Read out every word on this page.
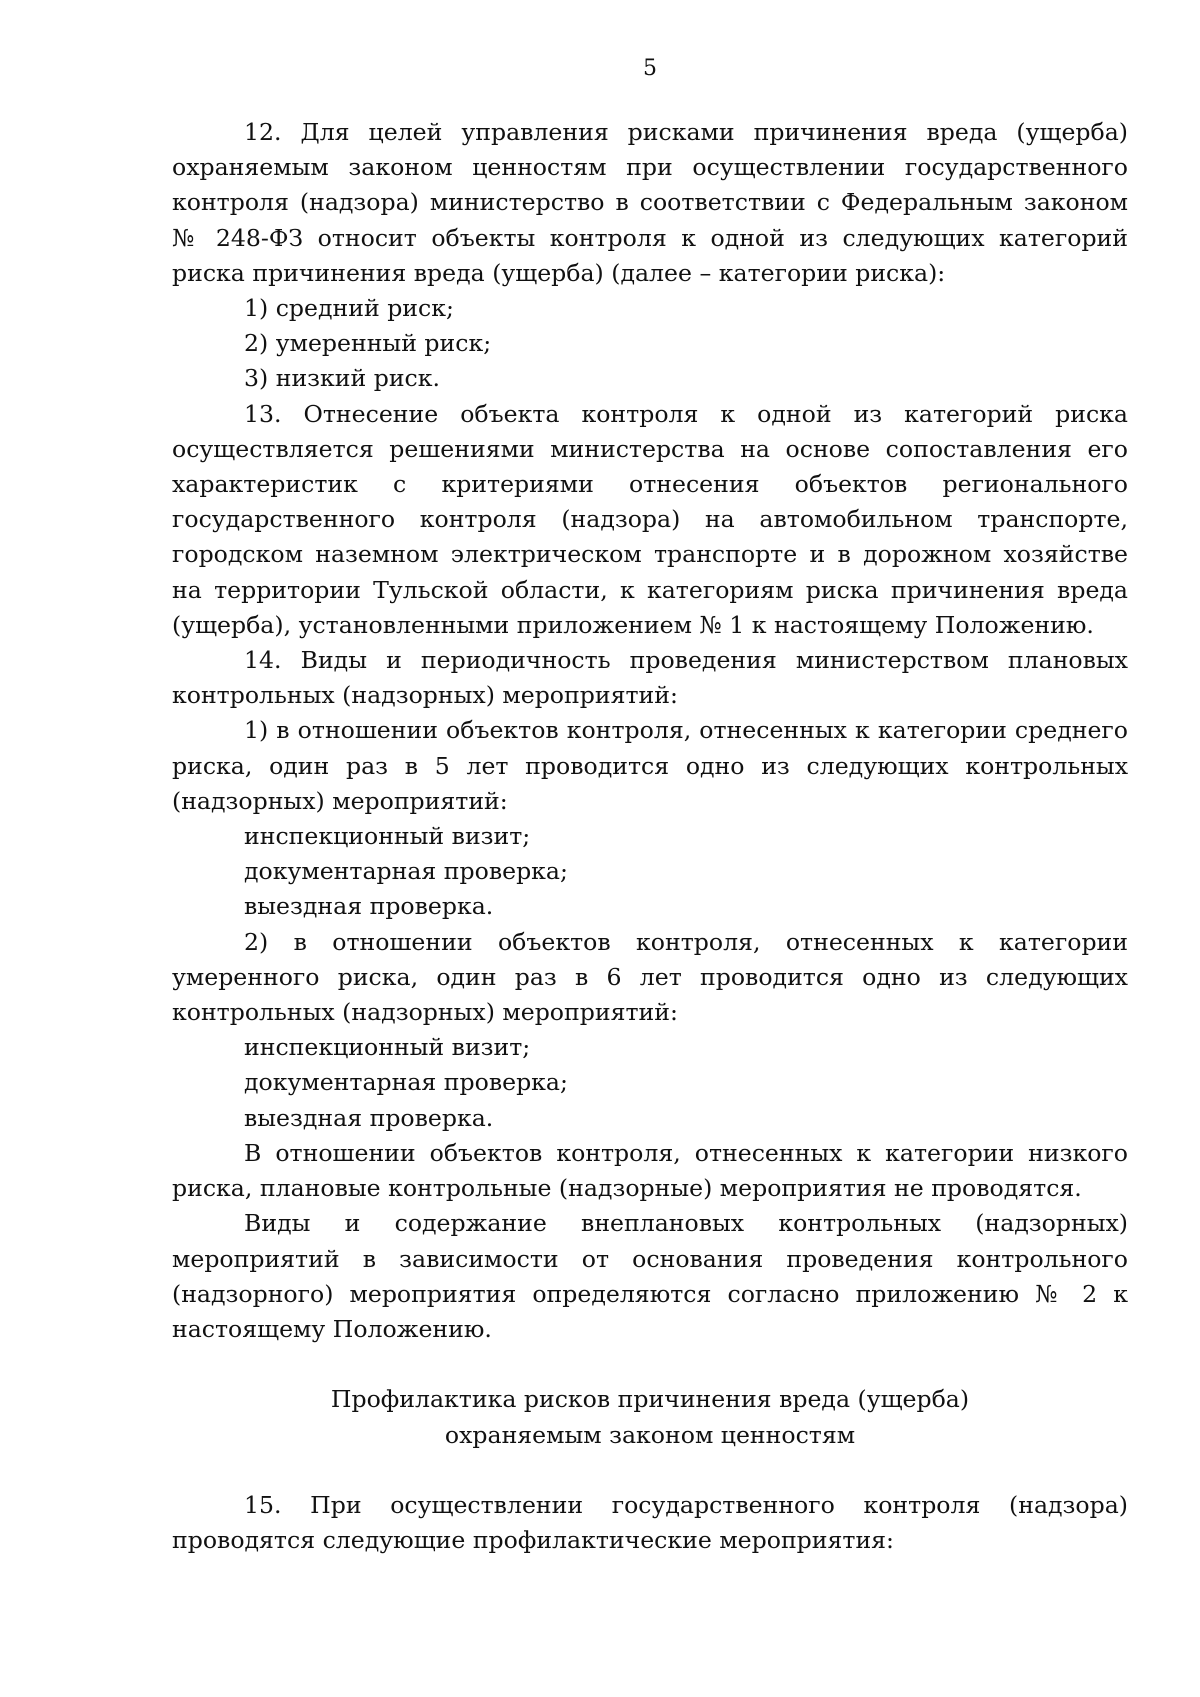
5

12. Для целей управления рисками причинения вреда (ущерба) охраняемым законом ценностям при осуществлении государственного контроля (надзора) министерство в соответствии с Федеральным законом № 248-ФЗ относит объекты контроля к одной из следующих категорий риска причинения вреда (ущерба) (далее – категории риска):

1) средний риск;

2) умеренный риск;

3) низкий риск.

13. Отнесение объекта контроля к одной из категорий риска осуществляется решениями министерства на основе сопоставления его характеристик с критериями отнесения объектов регионального государственного контроля (надзора) на автомобильном транспорте, городском наземном электрическом транспорте и в дорожном хозяйстве на территории Тульской области, к категориям риска причинения вреда (ущерба), установленными приложением № 1 к настоящему Положению.

14. Виды и периодичность проведения министерством плановых контрольных (надзорных) мероприятий:

1) в отношении объектов контроля, отнесенных к категории среднего риска, один раз в 5 лет проводится одно из следующих контрольных (надзорных) мероприятий:

инспекционный визит;

документарная проверка;

выездная проверка.

2) в отношении объектов контроля, отнесенных к категории умеренного риска, один раз в 6 лет проводится одно из следующих контрольных (надзорных) мероприятий:

инспекционный визит;

документарная проверка;

выездная проверка.

В отношении объектов контроля, отнесенных к категории низкого риска, плановые контрольные (надзорные) мероприятия не проводятся.

Виды и содержание внеплановых контрольных (надзорных) мероприятий в зависимости от основания проведения контрольного (надзорного) мероприятия определяются согласно приложению № 2 к настоящему Положению.

Профилактика рисков причинения вреда (ущерба)

охраняемым законом ценностям

15. При осуществлении государственного контроля (надзора) проводятся следующие профилактические мероприятия:
